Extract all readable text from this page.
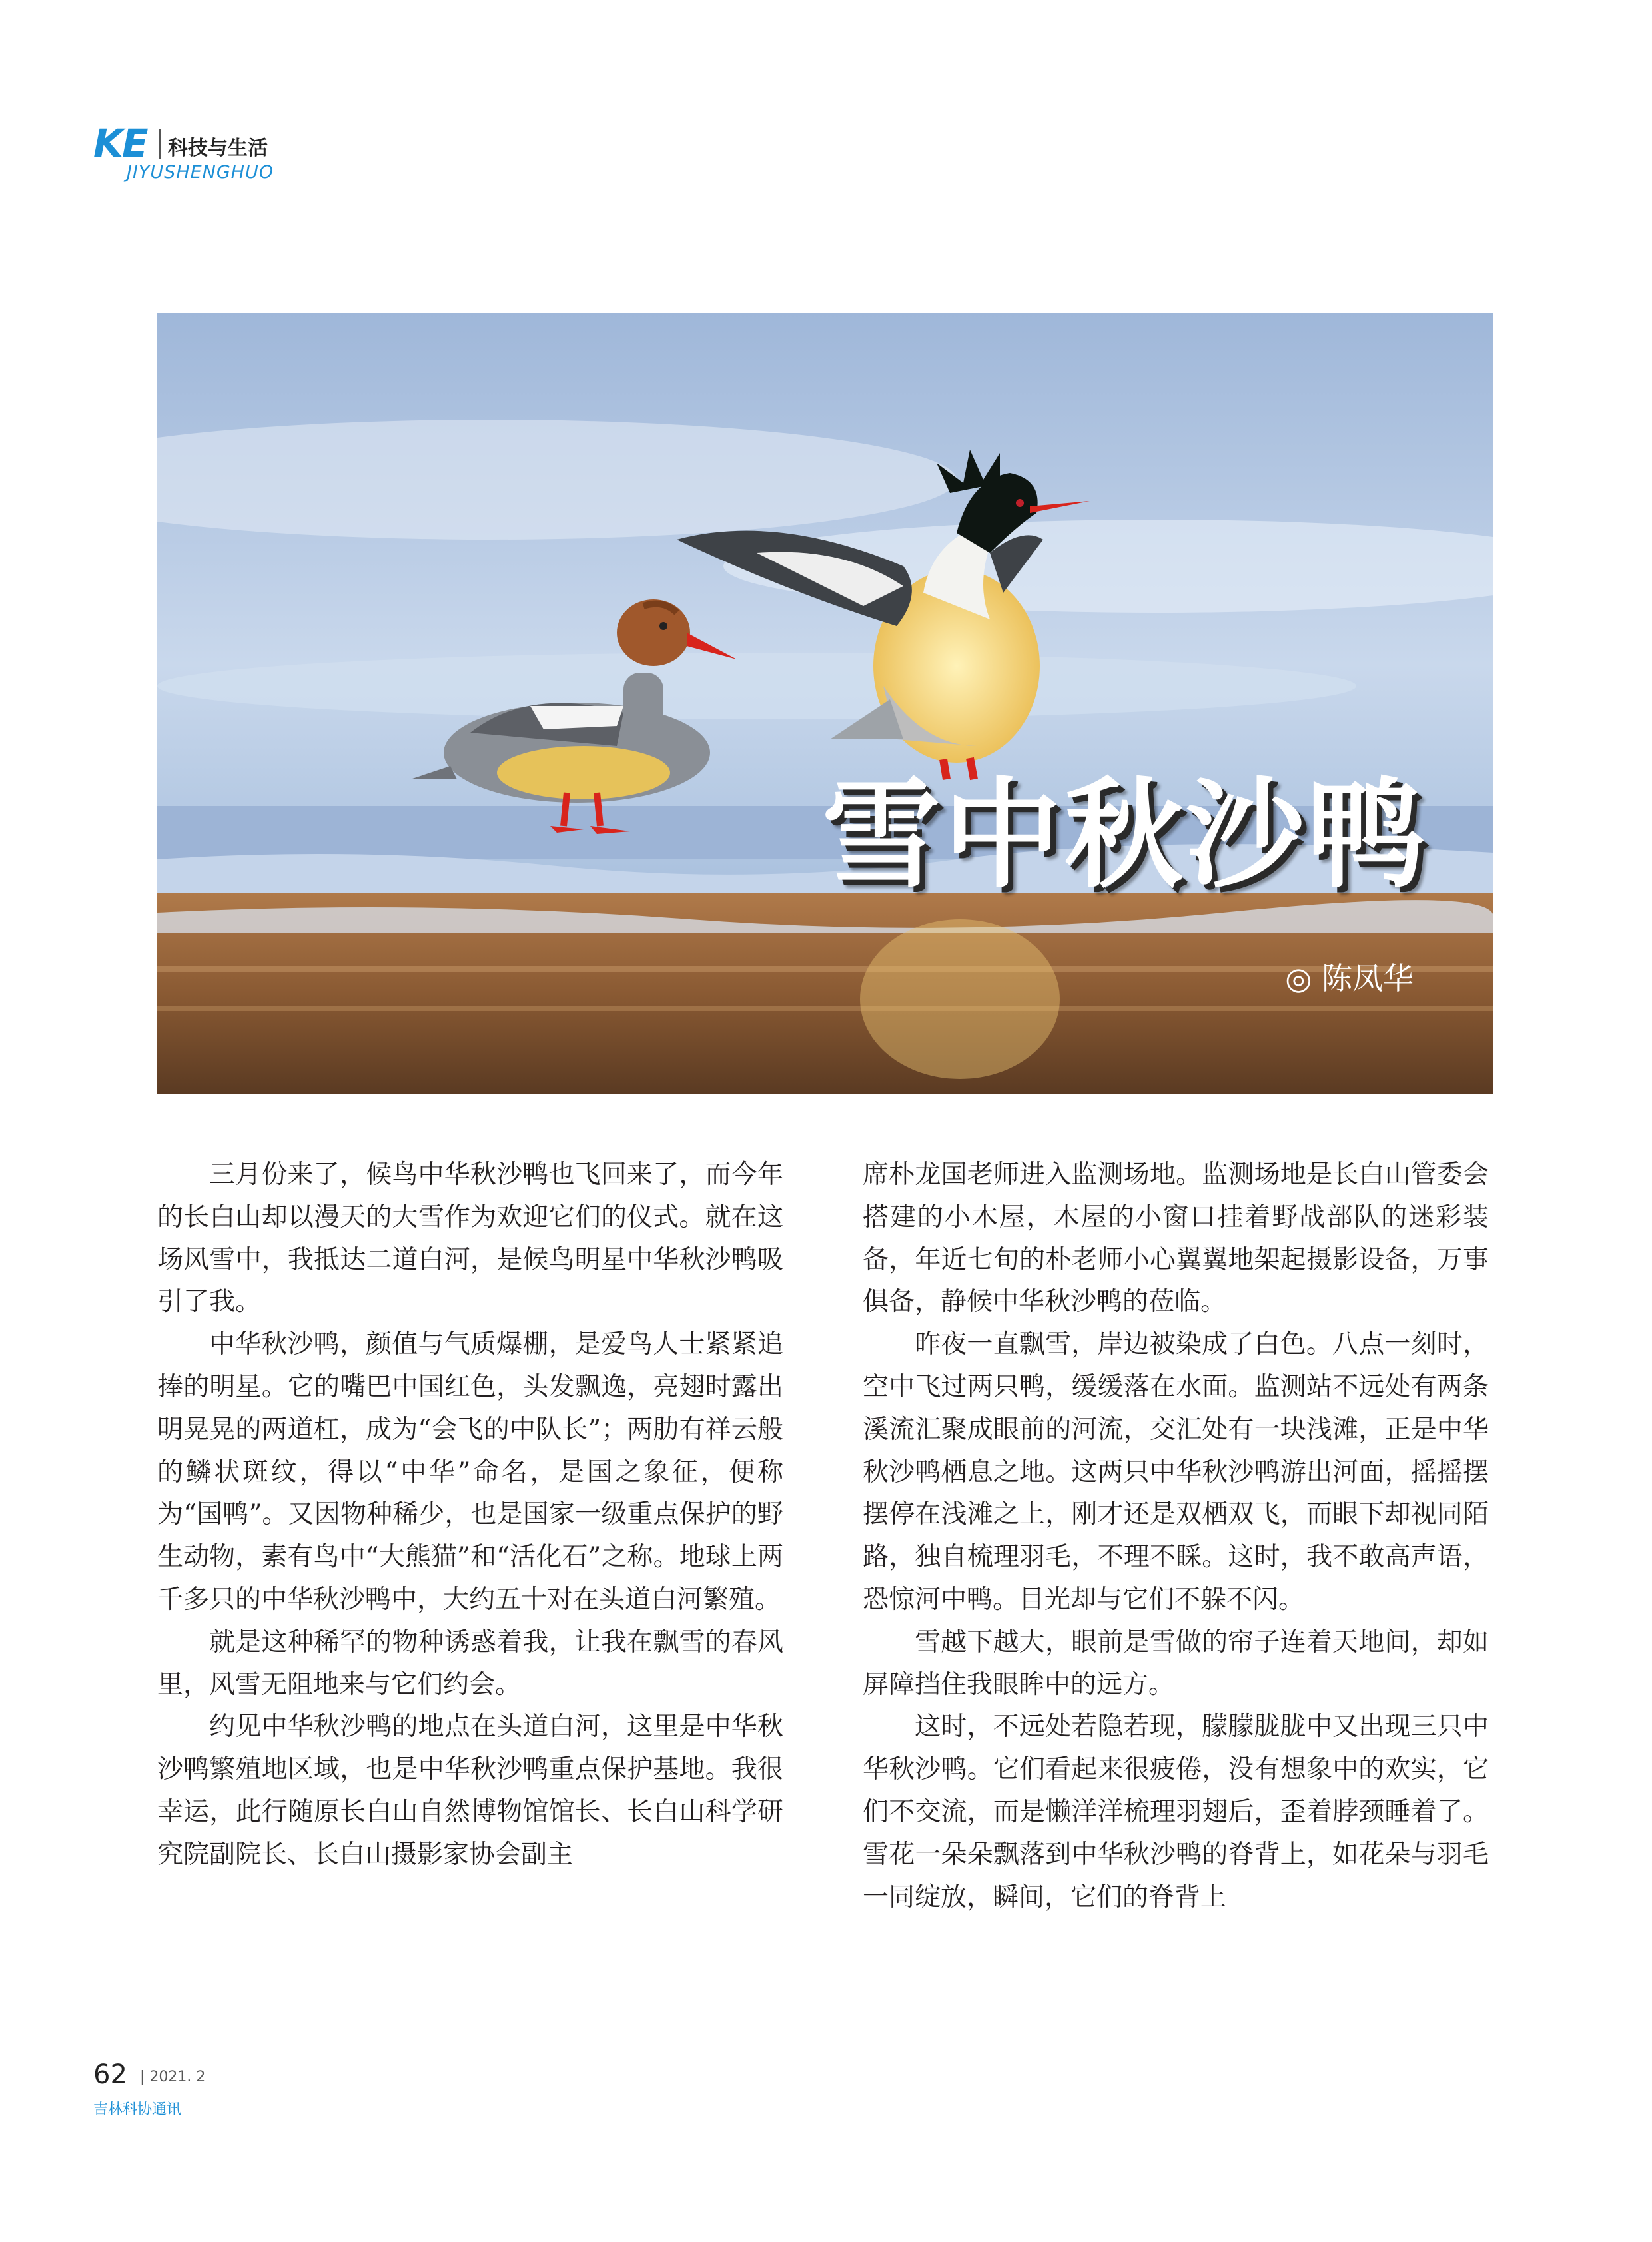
KE 科技与生活
JIYUSHENGHUO
雪中秋沙鸭
◎ 陈凤华

三月份来了，候鸟中华秋沙鸭也飞回来了，而今年的长白山却以漫天的大雪作为欢迎它们的仪式。就在这场风雪中，我抵达二道白河，是候鸟明星中华秋沙鸭吸引了我。

中华秋沙鸭，颜值与气质爆棚，是爱鸟人士紧紧追捧的明星。它的嘴巴中国红色，头发飘逸，亮翅时露出明晃晃的两道杠，成为“会飞的中队长”；两肋有祥云般的鳞状斑纹，得以“中华”命名，是国之象征，便称为“国鸭”。又因物种稀少，也是国家一级重点保护的野生动物，素有鸟中“大熊猫”和“活化石”之称。地球上两千多只的中华秋沙鸭中，大约五十对在头道白河繁殖。

就是这种稀罕的物种诱惑着我，让我在飘雪的春风里，风雪无阻地来与它们约会。

约见中华秋沙鸭的地点在头道白河，这里是中华秋沙鸭繁殖地区域，也是中华秋沙鸭重点保护基地。我很幸运，此行随原长白山自然博物馆馆长、长白山科学研究院副院长、长白山摄影家协会副主

席朴龙国老师进入监测场地。监测场地是长白山管委会搭建的小木屋，木屋的小窗口挂着野战部队的迷彩装备，年近七旬的朴老师小心翼翼地架起摄影设备，万事俱备，静候中华秋沙鸭的莅临。

昨夜一直飘雪，岸边被染成了白色。八点一刻时，空中飞过两只鸭，缓缓落在水面。监测站不远处有两条溪流汇聚成眼前的河流，交汇处有一块浅滩，正是中华秋沙鸭栖息之地。这两只中华秋沙鸭游出河面，摇摇摆摆停在浅滩之上，刚才还是双栖双飞，而眼下却视同陌路，独自梳理羽毛，不理不睬。这时，我不敢高声语，恐惊河中鸭。目光却与它们不躲不闪。

雪越下越大，眼前是雪做的帘子连着天地间，却如屏障挡住我眼眸中的远方。

这时，不远处若隐若现，朦朦胧胧中又出现三只中华秋沙鸭。它们看起来很疲倦，没有想象中的欢实，它们不交流，而是懒洋洋梳理羽翅后，歪着脖颈睡着了。雪花一朵朵飘落到中华秋沙鸭的脊背上，如花朵与羽毛一同绽放，瞬间，它们的脊背上

62 | 2021. 2
吉林科协通讯
